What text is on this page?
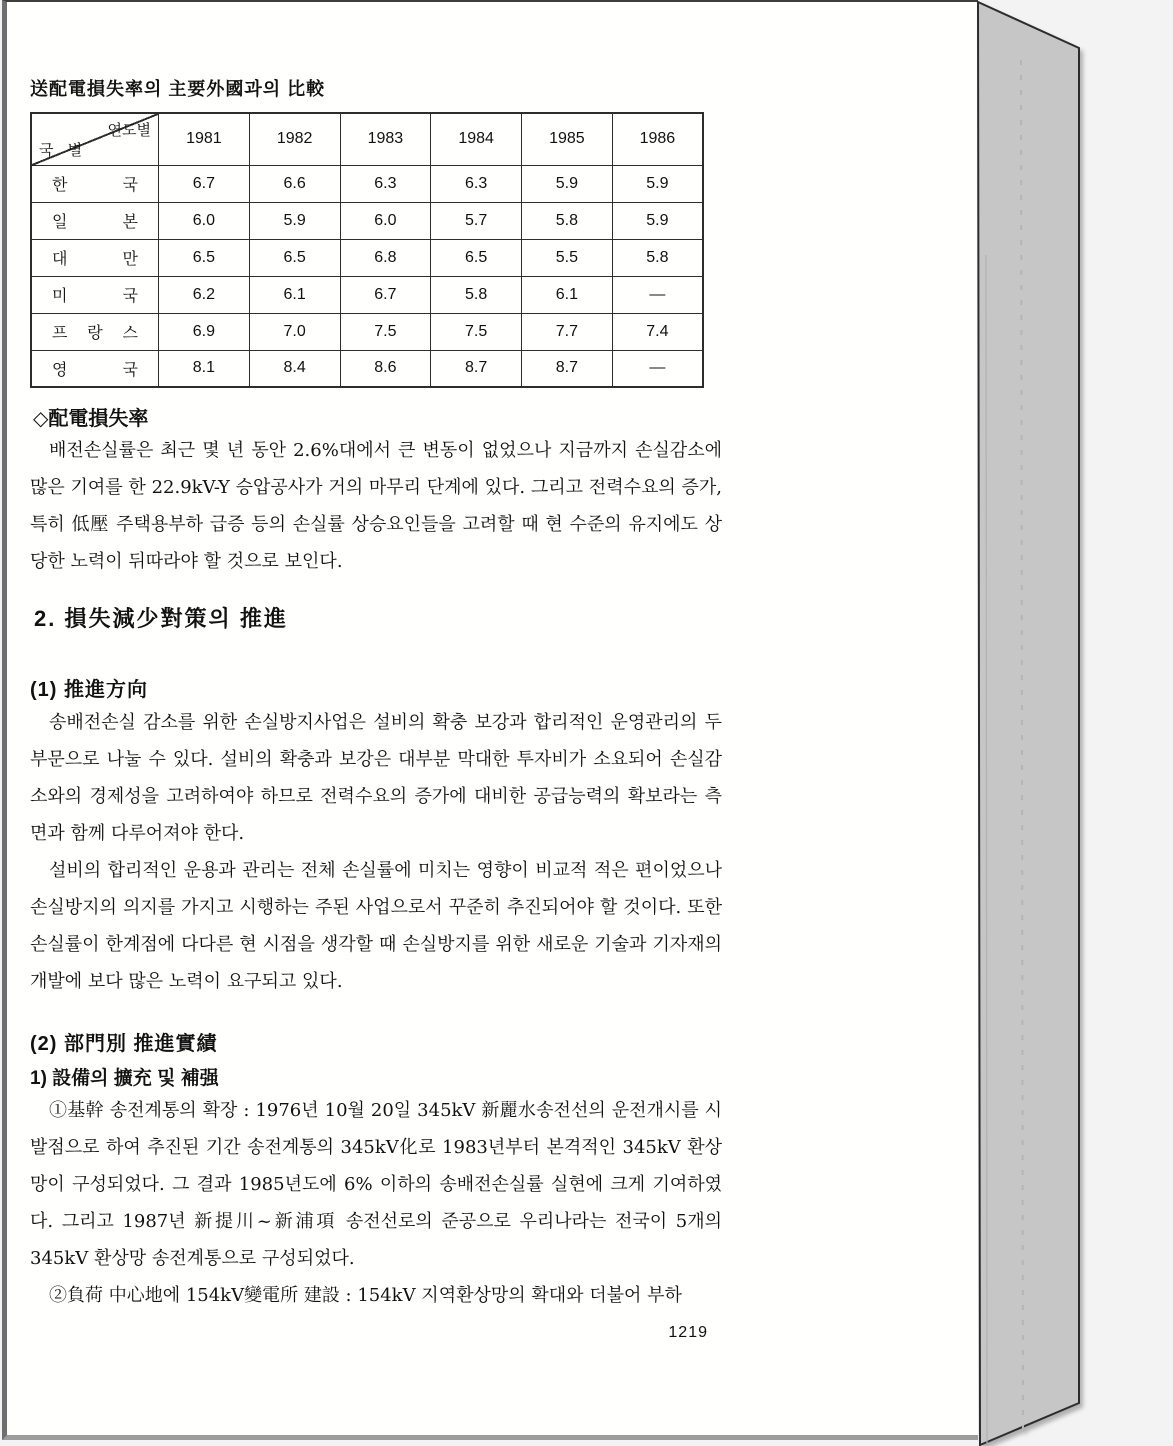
送配電損失率의 主要外國과의 比較
연도별
국 별	1981	1982	1983	1984	1985	1986

한 국	6.7	6.6	6.3	6.3	5.9	5.9

일 본	6.0	5.9	6.0	5.7	5.8	5.9

대 만	6.5	6.5	6.8	6.5	5.5	5.8

미 국	6.2	6.1	6.7	5.8	6.1	—

프 랑 스	6.9	7.0	7.5	7.5	7.7	7.4

영 국	8.1	8.4	8.6	8.7	8.7	—
◇配電損失率

배전손실률은 최근 몇 년 동안 2.6%대에서 큰 변동이 없었으나 지금까지 손실감소에 많은 기여를 한 22.9kV-Y 승압공사가 거의 마무리 단계에 있다. 그리고 전력수요의 증가, 특히 低壓 주택용부하 급증 등의 손실률 상승요인들을 고려할 때 현 수준의 유지에도 상당한 노력이 뒤따라야 할 것으로 보인다.

2. 損失減少對策의 推進
(1) 推進方向

송배전손실 감소를 위한 손실방지사업은 설비의 확충 보강과 합리적인 운영관리의 두 부문으로 나눌 수 있다. 설비의 확충과 보강은 대부분 막대한 투자비가 소요되어 손실감소와의 경제성을 고려하여야 하므로 전력수요의 증가에 대비한 공급능력의 확보라는 측면과 함께 다루어져야 한다.

설비의 합리적인 운용과 관리는 전체 손실률에 미치는 영향이 비교적 적은 편이었으나 손실방지의 의지를 가지고 시행하는 주된 사업으로서 꾸준히 추진되어야 할 것이다. 또한 손실률이 한계점에 다다른 현 시점을 생각할 때 손실방지를 위한 새로운 기술과 기자재의 개발에 보다 많은 노력이 요구되고 있다.

(2) 部門別 推進實績
1) 設備의 擴充 및 補强

①基幹 송전계통의 확장 : 1976년 10월 20일 345kV 新麗水송전선의 운전개시를 시발점으로 하여 추진된 기간 송전계통의 345kV化로 1983년부터 본격적인 345kV 환상망이 구성되었다. 그 결과 1985년도에 6% 이하의 송배전손실률 실현에 크게 기여하였다. 그리고 1987년 新提川~新浦項 송전선로의 준공으로 우리나라는 전국이 5개의 345kV 환상망 송전계통으로 구성되었다.

②負荷 中心地에 154kV變電所 建設 : 154kV 지역환상망의 확대와 더불어 부하

1219
